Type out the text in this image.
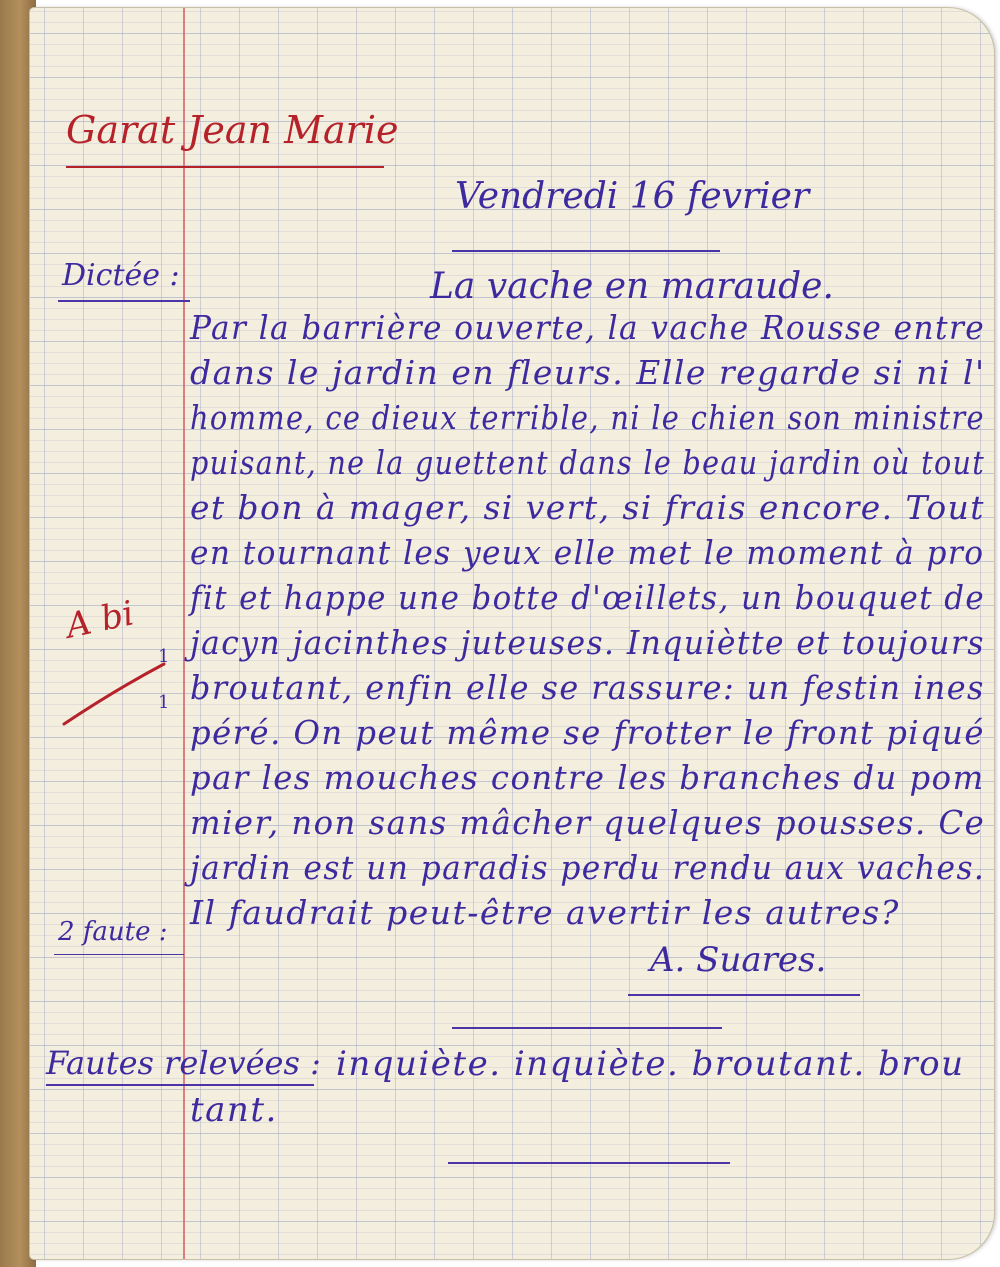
Garat Jean Marie
Vendredi 16 fevrier
Dictée :	La vache en maraude.
Par la barrière ouverte, la vache Rousse entre
dans le jardin en fleurs. Elle regarde si ni l'
homme, ce dieux terrible, ni le chien son ministre
puisant, ne la guettent dans le beau jardin où tout
et bon à mager, si vert, si frais encore. Tout
en tournant les yeux elle met le moment à pro
fit et happe une botte d'œillets, un bouquet de
jacyn jacinthes juteuses. Inquiètte et toujours
broutant, enfin elle se rassure: un festin ines
péré. On peut même se frotter le front piqué
par les mouches contre les branches du pom
mier, non sans mâcher quelques pousses. Ce
jardin est un paradis perdu rendu aux vaches.
Il faudrait peut-être avertir les autres?
A. Suares.
A bi
1
1
2 faute :
Fautes relevées : inquiète. inquiète. broutant. brou
tant.
